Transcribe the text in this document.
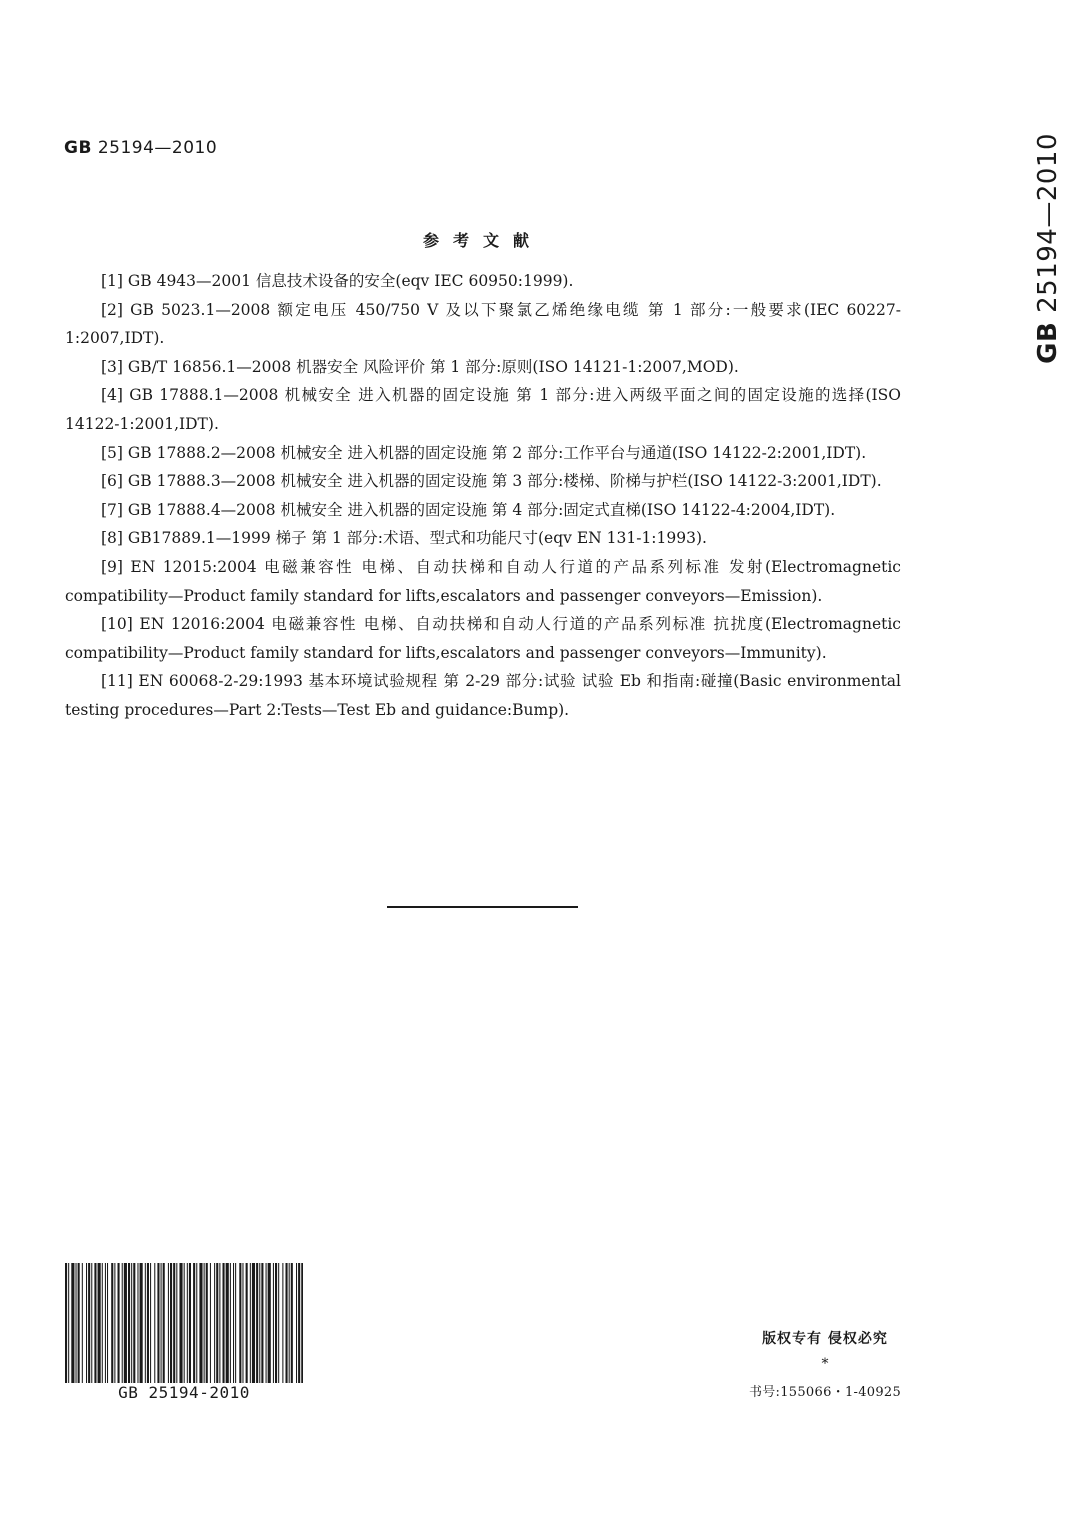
GB 25194—2010
GB 25194—2010
参考文献

[1] GB 4943—2001 信息技术设备的安全(eqv IEC 60950:1999).

[2] GB 5023.1—2008 额定电压 450/750 V 及以下聚氯乙烯绝缘电缆 第 1 部分:一般要求(IEC 60227-1:2007,IDT).

[3] GB/T 16856.1—2008 机器安全 风险评价 第 1 部分:原则(ISO 14121-1:2007,MOD).

[4] GB 17888.1—2008 机械安全 进入机器的固定设施 第 1 部分:进入两级平面之间的固定设施的选择(ISO 14122-1:2001,IDT).

[5] GB 17888.2—2008 机械安全 进入机器的固定设施 第 2 部分:工作平台与通道(ISO 14122-2:2001,IDT).

[6] GB 17888.3—2008 机械安全 进入机器的固定设施 第 3 部分:楼梯、阶梯与护栏(ISO 14122-3:2001,IDT).

[7] GB 17888.4—2008 机械安全 进入机器的固定设施 第 4 部分:固定式直梯(ISO 14122-4:2004,IDT).

[8] GB17889.1—1999 梯子 第 1 部分:术语、型式和功能尺寸(eqv EN 131-1:1993).

[9] EN 12015:2004 电磁兼容性 电梯、自动扶梯和自动人行道的产品系列标准 发射(Electromagnetic compatibility—Product family standard for lifts,escalators and passenger conveyors—Emission).

[10] EN 12016:2004 电磁兼容性 电梯、自动扶梯和自动人行道的产品系列标准 抗扰度(Electromagnetic compatibility—Product family standard for lifts,escalators and passenger conveyors—Immunity).

[11] EN 60068-2-29:1993 基本环境试验规程 第 2-29 部分:试验 试验 Eb 和指南:碰撞(Basic environmental testing procedures—Part 2:Tests—Test Eb and guidance:Bump).

GB 25194-2010
版权专有 侵权必究
*
书号:155066・1-40925
